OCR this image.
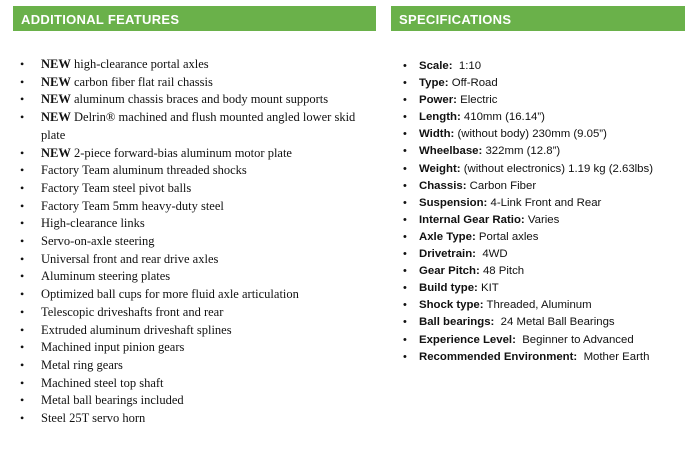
ADDITIONAL FEATURES
• NEW high-clearance portal axles
• NEW carbon fiber flat rail chassis
• NEW aluminum chassis braces and body mount supports
• NEW Delrin® machined and flush mounted angled lower skid plate
• NEW 2-piece forward-bias aluminum motor plate
• Factory Team aluminum threaded shocks
• Factory Team steel pivot balls
• Factory Team 5mm heavy-duty steel
• High-clearance links
• Servo-on-axle steering
• Universal front and rear drive axles
• Aluminum steering plates
• Optimized ball cups for more fluid axle articulation
• Telescopic driveshafts front and rear
• Extruded aluminum driveshaft splines
• Machined input pinion gears
• Metal ring gears
• Machined steel top shaft
• Metal ball bearings included
• Steel 25T servo horn
SPECIFICATIONS
• Scale:  1:10
• Type: Off-Road
• Power: Electric
• Length: 410mm (16.14”)
• Width: (without body) 230mm (9.05”)
• Wheelbase: 322mm (12.8”)
• Weight: (without electronics) 1.19 kg (2.63lbs)
• Chassis: Carbon Fiber
• Suspension: 4-Link Front and Rear
• Internal Gear Ratio: Varies
• Axle Type: Portal axles
• Drivetrain:  4WD
• Gear Pitch: 48 Pitch
• Build type: KIT
• Shock type: Threaded, Aluminum
• Ball bearings:  24 Metal Ball Bearings
• Experience Level:  Beginner to Advanced
• Recommended Environment:  Mother Earth
